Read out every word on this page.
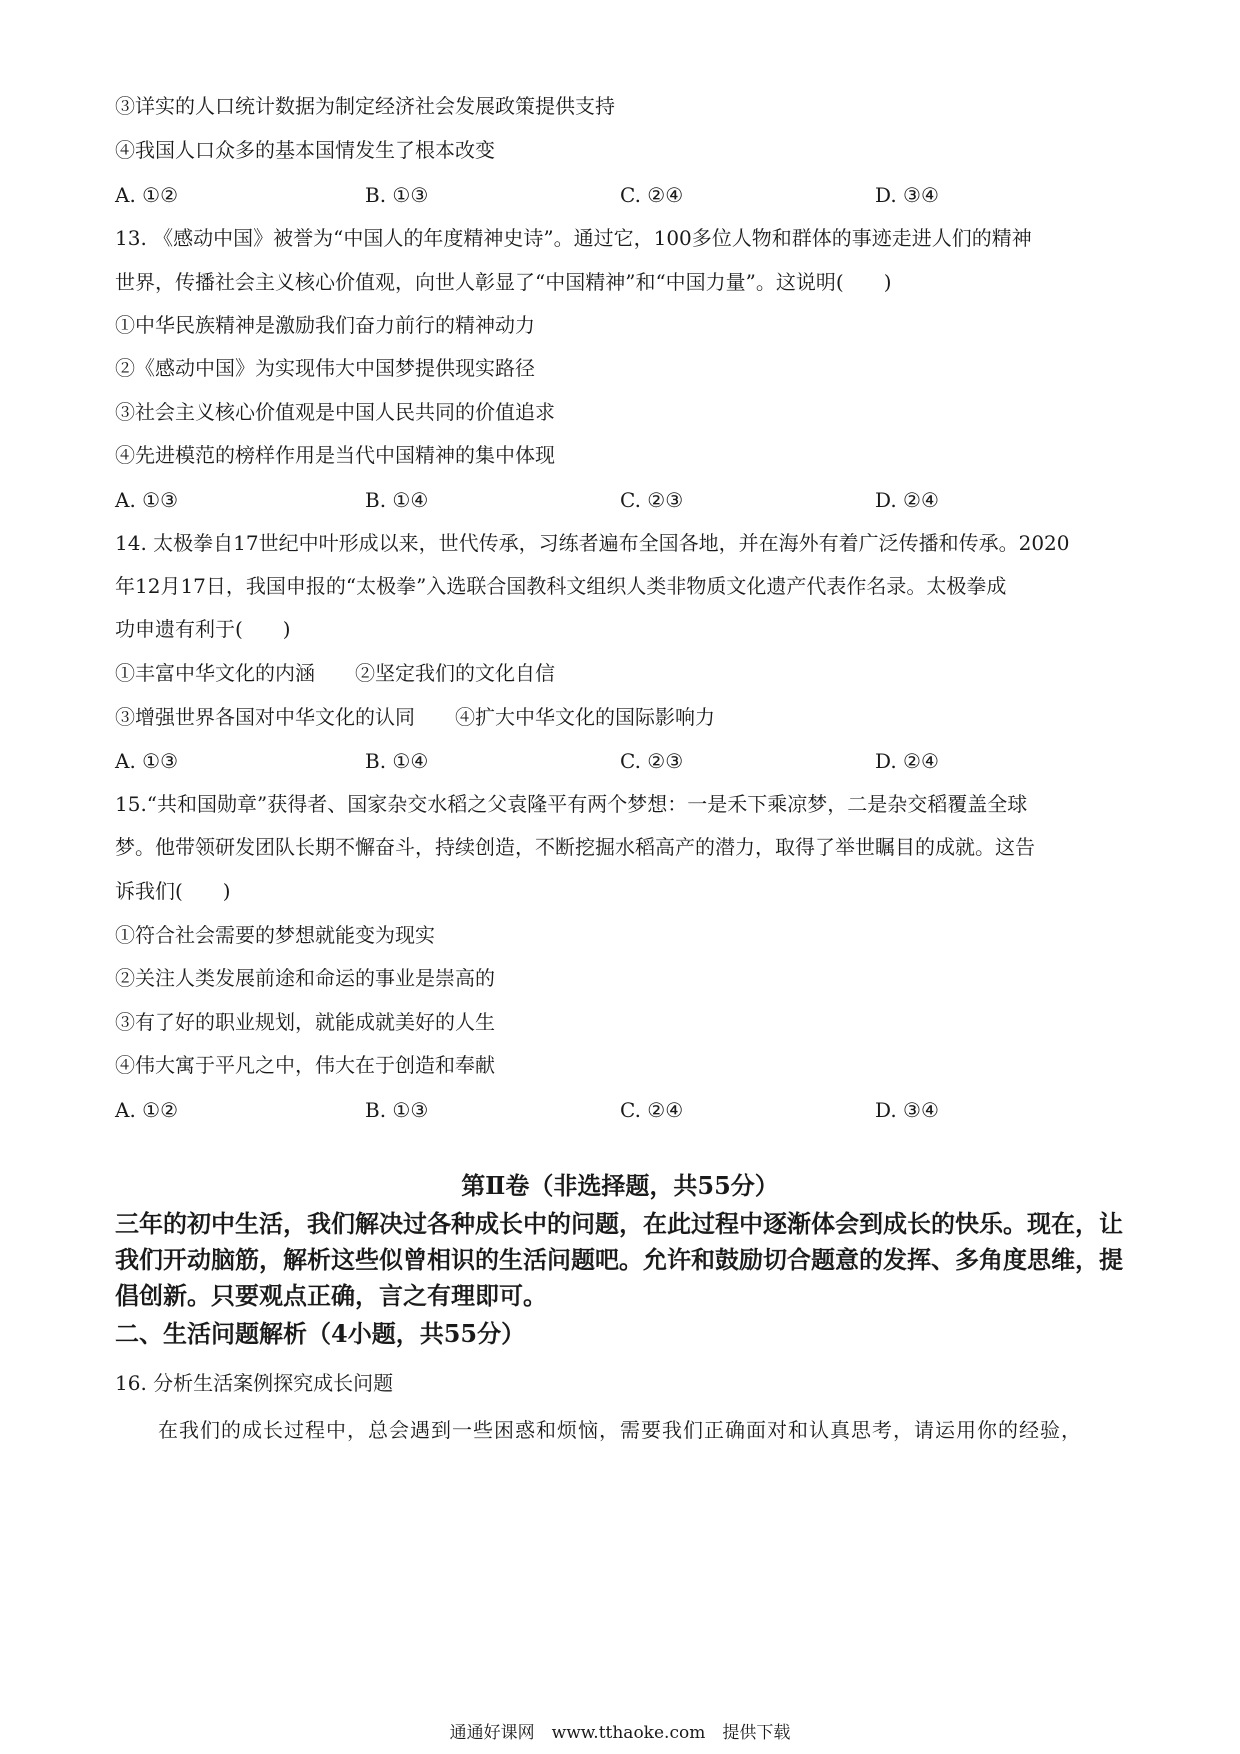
③详实的人口统计数据为制定经济社会发展政策提供支持
④我国人口众多的基本国情发生了根本改变
A. ①②	B. ①③	C. ②④	D. ③④
13. 《感动中国》被誉为“中国人的年度精神史诗”。通过它，100多位人物和群体的事迹走进人们的精神
世界，传播社会主义核心价值观，向世人彰显了“中国精神”和“中国力量”。这说明(　　)
①中华民族精神是激励我们奋力前行的精神动力
②《感动中国》为实现伟大中国梦提供现实路径
③社会主义核心价值观是中国人民共同的价值追求
④先进模范的榜样作用是当代中国精神的集中体现
A. ①③	B. ①④	C. ②③	D. ②④
14. 太极拳自17世纪中叶形成以来，世代传承，习练者遍布全国各地，并在海外有着广泛传播和传承。2020
年12月17日，我国申报的“太极拳”入选联合国教科文组织人类非物质文化遗产代表作名录。太极拳成
功申遗有利于(　　)
①丰富中华文化的内涵 ②坚定我们的文化自信
③增强世界各国对中华文化的认同 ④扩大中华文化的国际影响力
A. ①③	B. ①④	C. ②③	D. ②④
15.“共和国勋章”获得者、国家杂交水稻之父袁隆平有两个梦想：一是禾下乘凉梦，二是杂交稻覆盖全球
梦。他带领研发团队长期不懈奋斗，持续创造，不断挖掘水稻高产的潜力，取得了举世瞩目的成就。这告
诉我们(　　)
①符合社会需要的梦想就能变为现实
②关注人类发展前途和命运的事业是崇高的
③有了好的职业规划，就能成就美好的人生
④伟大寓于平凡之中，伟大在于创造和奉献
A. ①②	B. ①③	C. ②④	D. ③④
第Ⅱ卷（非选择题，共55分）
三年的初中生活，我们解决过各种成长中的问题，在此过程中逐渐体会到成长的快乐。现在，让我们开动脑筋，解析这些似曾相识的生活问题吧。允许和鼓励切合题意的发挥、多角度思维，提倡创新。只要观点正确，言之有理即可。
二、生活问题解析（4小题，共55分）
16. 分析生活案例探究成长问题
在我们的成长过程中，总会遇到一些困惑和烦恼，需要我们正确面对和认真思考，请运用你的经验，
通通好课网　www.tthaoke.com　提供下载
